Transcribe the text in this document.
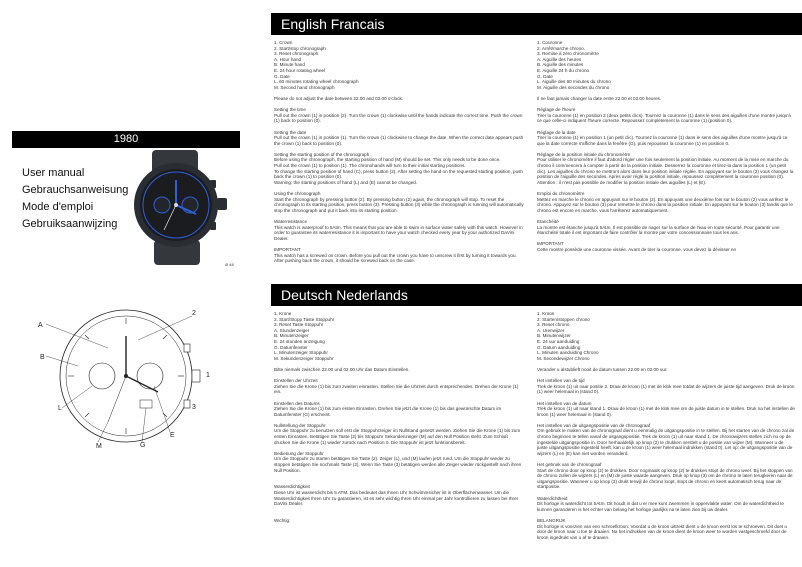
1980
User manual
Gebrauchsanweisung
Mode d'emploi
Gebruiksaanwijzing
Ø 48
A
B
L
M	G
E
1
2
3
English Francais
1. Crown
2. Start/stop chronograph
3. Reset chronograph
A. Hour hand
B. Minute hand
E. 24 hour rotating wheel
G. Date
L. 60 minutes rotating wheel chronograph
M. Second hand chronograph

Please do not adjust the date between 22.00 and 02.00 o'clock.

Setting the time
Pull out the crown (1) in position (2). Turn the crown (1) clockwise until the hands indicate the correct time. Push the crown (1) back to position (0).

Setting the date
Pull out the crown (1) in position (1). Turn the crown (1) clockwise to change the date. When the correct date appears push the crown (1) back to position (0).

Setting the starting position of the chronograph
Before using the chronograph, the starting position of hand (M) should be set. This only needs to be done once.
Pull out the crown (1) to position (1). The chronohands will turn to their initial starting positions.
To change the starting position of hand (C), press button (2). After setting the hand on the requested starting position, push back the crown (1) to position (0).
Warning: the starting positions of hand (L) and (E) cannot be changed.

Using the chronograph
Start the chronograph by pressing button (2). By pressing button (2) again, the chronograph will stop. To reset the chronograph to its starting position, press button (3). Pressing button (3) while the chronograph is running will automatically stop the chronograph and put it back into its starting position.

Waterresistance
This watch is waterproof to 5Atm. This means that you are able to swim in surface water safely with this watch. However in order to guarantee its waterresistance it is important to have your watch checked every year by your authorized DaVini Dealer.

IMPORTANT
This watch has a screwed on crown. Before you pull out the crown you have to unscrew it first by turning it towards you. After pushing back the crown, it should be screwed back on the case.
1. Couronne
2. Arrêt/marche chrono.
3. Remise à zéro chronomètre
A. Aiguille des heures
B. Aiguille des minutes
E. Aiguille 24 h du chrono
G. Date
L. Aiguille des 60 minutes du chrono
M. Aiguille des secondes du chrono

Il ne faut jamais changer la date entre 22.00 et 02.00 heures.

Réglage de l'heure
Tirer la couronne (1) en position 2 (deux petits clics). Tournez la couronne (1) dans le sens des aiguilles d'une montre jusqu'à ce que celle-ci indiquent l'heure correcte. Repoussez complètement la couronne (1) (position 0).

Réglage de la date
Tirer la couronne (1) en position 1 (un petit clic). Tournez la couronne (1) dans le sens des aiguilles d'une montre jusqu'à ce que la date correcte s'affiche dans la fenêtre (G), puis repoussez la couronne (1) en position 0.

Réglage de la position initiale du chronomètre
Pour utiliser le chronomètre il faut d'abord régler une fois seulement la position initiale. Au moment de la mise en marche du chrono il commencera à compter à partir de la position initiale. Desserrez la couronne et tirez-la dans la position 1 (un petit clic). Les aiguilles du chrono se mettront alors dans leur position initiale réglée. En appuyant sur le bouton (2) vous changez la position de l'aiguille des secondes. Après avoir réglé la position initiale, repoussez complètement la couronne position (0).
Attention : il n'est pas possible de modifier la position initiale des aiguilles (L) et (E).

Emploi du chronomètre
Mettez en marche le chrono en appuyant sur le bouton (2). En appuyant une deuxième fois sur le bouton (2) vous arrêtez le chrono. Appuyez sur le bouton (3) pour remettre le chrono dans la position initiale. En appuyant sur le bouton (3) tandis que le chrono est encore en marche, vous l'arrêterez automatiquement.

Etanchéité
La montre est étanche jusqu'à 5Atm. Il est possible de nager sur la surface de l'eau en toute sécurité. Pour garantir une étanchéité totale il est important de faire contrôler la montre par votre concessionnaire tous les ans.

IMPORTANT
Cette montre possède une couronne vissée. Avant de tirer la couronne, vous devez la dévisser en
Deutsch Nederlands
1. Krone
2. Start/Stopp Taste Stoppuhr
3. Reset Taste Stoppuhr
A. Stundenzeiger
B. Minutenzeiger
E. 24 stunden anzeigung
G. Datumfenster
L. Minutenzeiger Stoppuhr
M. Sekundenzeiger Stoppuhr

Bitte niemals zwischen 22.00 und 02.00 Uhr das Datum Einstellen.

Einstellen der Uhrzeit
Ziehen Sie die Krone (1) bis zum zweiten einrasten. Stellen Sie die Uhrzeit durch entsprechendes. Drehen der Krone (1) ein.

Einstellen des Datums
Ziehen Sie die Krone (1) bis zum ersten Einrasten. Drehen Sie jetzt die Krone (1) bis das gewünschte Datum im Datumfenster (G) erscheint.

Nullstellung der Stoppuhr
Um die Stoppuhr zu benutzen soll erst die Stoppuhrzeiger im Nullstand gesetzt werden. Ziehen Sie die Krone (1) bis zum ersten Einrasten. Betätigen Sie Taste (2) bis Stoppuhr Sekundenzeiger (M) auf den Null Position steht. Zum Schluß drucken Sie die Krone (1) wieder zurück nach Position 0. Die Stoppuhr ist jetzt funktionsbereit.

Bedienung der Stoppuhr
Um die Stoppuhr zu starten betätigen Sie Taste (2). Zeiger (L), und (M) laufen jetzt rund. Um die Stoppuhr wieder zu stoppen betätigen Sie nochmals Taste (2). Wenn Sie Taste (3) betätigen werden alle Zeiger wieder rückgestellt nach ihren Null Position.

Wasserdichtigkeit
Diese Uhr ist wasserdicht bis 5 ATM. Das bedeutet das Ihnen Uhr Schwimmsicher ist in Oberflächenwasser. Um die Wasserdichtigkeit Ihren Uhr zu garantieren, ist es sehr wichtig Ihren Uhr einmal per Jahr kontrollieren zu lassen bei Ihrer DaVini Dealer.

Wichtig:
1. Kroon
2. Starten/stoppen chrono
3. Reset chrono
A. Urenwijzer
B. Minutenwijzer
E. 24 uur aanduiding
G. Datum aanduiding
L. Minuten aanduiding Chrono
M. Secondewijzer Chrono

Verander u alstublieft nooit de datum tussen 22.00 en 02.00 uur.

Het instellen van de tijd
Trek de kroon (1) uit naar positie 2. Draai de kroon (1) met de klok mee totdat de wijzers de juiste tijd aangeven. Druk de kroon (1) weer helemaal in (stand 0).

Het instellen van de datum
Trek de kroon (1) uit naar stand 1. Draai de kroon (1) met de klok mee om de juiste datum in te stellen. Druk na het instellen de kroon (1) weer helemaal in (stand 0).

Het instellen van de uitgangspositie van de chronograaf
Om gebruik te maken van de chronograaf dient u eenmalig de uitgangspositie in te stellen. Bij het starten van de chrono zal de chrono beginnen te tellen vanaf de uitgangspositie. Trek de kroon (1) uit naar stand 1. De chronowijzers stellen zich nu op de ingestelde uitgangspositie in. Door herhaaldelijk op knop (2) te drukken verstelt u de positie van wijzer (M). Wanneer u de juiste uitgangspositie ingesteld heeft, kan u de kroon (1) weer helemaal indrukken (stand 0). Let op: de uitgangspositie van de wijzers (L) en (E) kan niet worden veranderd.

Het gebruik van de chronograaf
Start de chrono door op knop (2) te drukken. Door nogmaals op knop (2) te drukken stopt de chrono weer. Bij het stoppen van de chrono zullen de wijzers (L) en (M) de juiste waarde aangeven. Druk op knop (3) om de chrono te laten terugkeren naar de uitgangspositie. Wanneer u op knop (3) drukt terwijl de chrono loopt, stopt de chrono en keert automatisch terug naar de startpositie.

Waterdichtheid
Dit horloge is waterdicht tot 5Atm. Dit houdt in dat u er mee kunt zwemmen in oppervlakte water. Om de waterdichtheid te kunnen garanderen is het echter van belang het horloge jaarlijks na te laten zien bij uw dealer.

BELANGRIJK
Dit horloge is voorzien van een schroefkroon. Voordat u de kroon uittrekt dient u de kroon eerst los te schroeven. Dit doet u door de kroon naar u toe te draaien. Na het indrukken van de kroon dient de kroon weer te worden vastgeschroefd door de kroon ingedrukt van u af te draaien.
